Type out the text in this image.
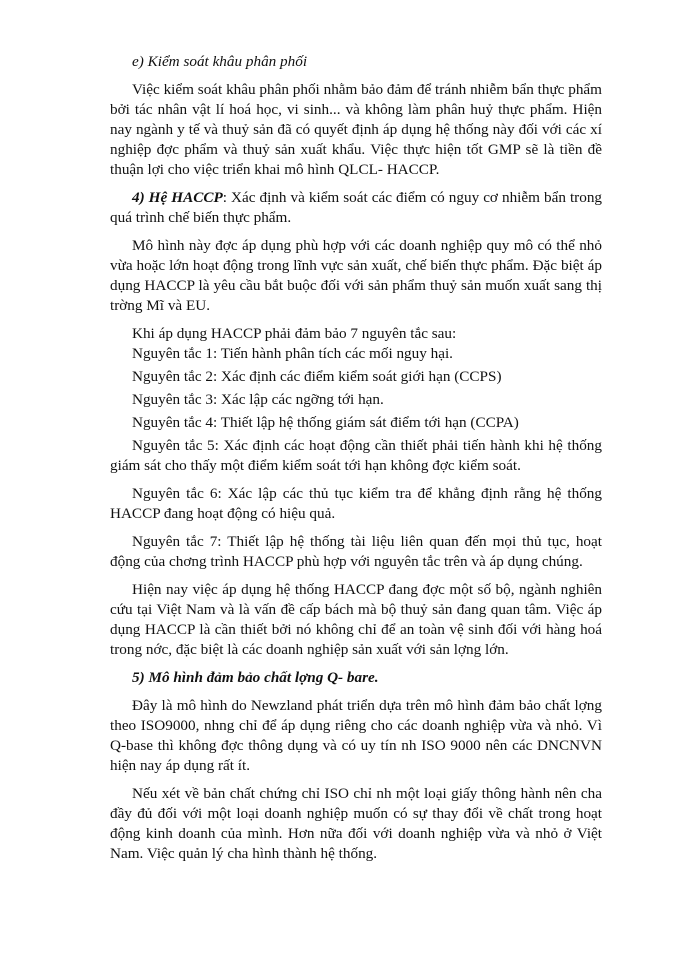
e) Kiểm soát khâu phân phối

Việc kiểm soát khâu phân phối nhằm bảo đảm để tránh nhiễm bẩn thực phẩm bởi tác nhân vật lí hoá học, vi sinh... và không làm phân huỷ thực phẩm. Hiện nay ngành y tế và thuỷ sản đã có quyết định áp dụng hệ thống này đối với các xí nghiệp đợc phẩm và thuỷ sản xuất khẩu. Việc thực hiện tốt GMP sẽ là tiền đề thuận lợi cho việc triển khai mô hình QLCL- HACCP.

4) Hệ HACCP: Xác định và kiểm soát các điểm có nguy cơ nhiễm bẩn trong quá trình chế biến thực phẩm.

Mô hình này đợc áp dụng phù hợp với các doanh nghiệp quy mô có thể nhỏ vừa hoặc lớn hoạt động trong lĩnh vực sản xuất, chế biến thực phẩm. Đặc biệt áp dụng HACCP là yêu cầu bắt buộc đối với sản phẩm thuỷ sản muốn xuất sang thị trờng Mĩ và EU.

Khi áp dụng HACCP phải đảm bảo 7 nguyên tắc sau:

Nguyên tắc 1: Tiến hành phân tích các mối nguy hại.

Nguyên tắc 2: Xác định các điểm kiểm soát giới hạn (CCPS)

Nguyên tắc 3: Xác lập các ngỡng tới hạn.

Nguyên tắc 4: Thiết lập hệ thống giám sát điểm tới hạn (CCPA)

Nguyên tắc 5: Xác định các hoạt động cần thiết phải tiến hành khi hệ thống giám sát cho thấy một điểm kiểm soát tới hạn không đợc kiểm soát.

Nguyên tắc 6: Xác lập các thủ tục kiểm tra để khẳng định rằng hệ thống HACCP đang hoạt động có hiệu quả.

Nguyên tắc 7: Thiết lập hệ thống tài liệu liên quan đến mọi thủ tục, hoạt động của chơng trình HACCP phù hợp với nguyên tắc trên và áp dụng chúng.

Hiện nay việc áp dụng hệ thống HACCP đang đợc một số bộ, ngành nghiên cứu tại Việt Nam và là vấn đề cấp bách mà bộ thuỷ sản đang quan tâm. Việc áp dụng HACCP là cần thiết bởi nó không chỉ để an toàn vệ sinh đối với hàng hoá trong nớc, đặc biệt là các doanh nghiệp sản xuất với sản lợng lớn.

5) Mô hình đảm bảo chất lợng Q- bare.

Đây là mô hình do Newzland phát triển dựa trên mô hình đảm bảo chất lợng theo ISO9000, nhng chỉ để áp dụng riêng cho các doanh nghiệp vừa và nhỏ. Vì Q-base thì không đợc thông dụng và có uy tín nh ISO 9000 nên các DNCNVN hiện nay áp dụng rất ít.

Nếu xét về bản chất chứng chỉ ISO chỉ nh một loại giấy thông hành nên cha đầy đủ đối với một loại doanh nghiệp muốn có sự thay đổi về chất trong hoạt động kinh doanh của mình. Hơn nữa đối với doanh nghiệp vừa và nhỏ ở Việt Nam. Việc quản lý cha hình thành hệ thống.
